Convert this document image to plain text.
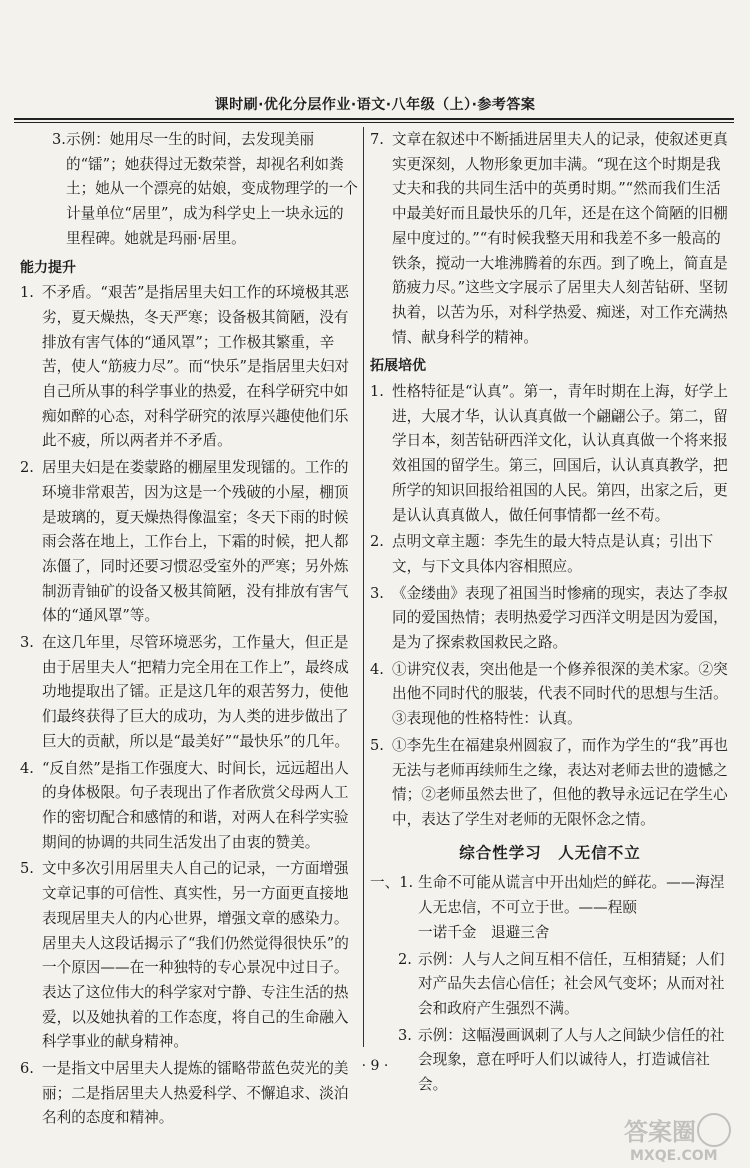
课时刷·优化分层作业·语文·八年级（上）·参考答案
3. 示例：她用尽一生的时间，去发现美丽的“镭”；她获得过无数荣誉，却视名利如粪土；她从一个漂亮的姑娘，变成物理学的一个计量单位“居里”，成为科学史上一块永远的里程碑。她就是玛丽·居里。
能力提升
1. 不矛盾。“艰苦”是指居里夫妇工作的环境极其恶劣，夏天燥热，冬天严寒；设备极其简陋，没有排放有害气体的“通风罩”；工作极其繁重，辛苦，使人“筋疲力尽”。而“快乐”是指居里夫妇对自己所从事的科学事业的热爱，在科学研究中如痴如醉的心态，对科学研究的浓厚兴趣使他们乐此不疲，所以两者并不矛盾。
2. 居里夫妇是在娄蒙路的棚屋里发现镭的。工作的环境非常艰苦，因为这是一个残破的小屋，棚顶是玻璃的，夏天燥热得像温室；冬天下雨的时候雨会落在地上，工作台上，下霜的时候，把人都冻僵了，同时还要习惯忍受室外的严寒；另外炼制沥青铀矿的设备又极其简陋，没有排放有害气体的“通风罩”等。
3. 在这几年里，尽管环境恶劣，工作量大，但正是由于居里夫人“把精力完全用在工作上”，最终成功地提取出了镭。正是这几年的艰苦努力，使他们最终获得了巨大的成功，为人类的进步做出了巨大的贡献，所以是“最美好”“最快乐”的几年。
4. “反自然”是指工作强度大、时间长，远远超出人的身体极限。句子表现出了作者欣赏父母两人工作的密切配合和感情的和谐，对两人在科学实验期间的协调的共同生活发出了由衷的赞美。
5. 文中多次引用居里夫人自己的记录，一方面增强文章记事的可信性、真实性，另一方面更直接地表现居里夫人的内心世界，增强文章的感染力。居里夫人这段话揭示了“我们仍然觉得很快乐”的一个原因——在一种独特的专心景况中过日子。表达了这位伟大的科学家对宁静、专注生活的热爱，以及她执着的工作态度，将自己的生命融入科学事业的献身精神。
6. 一是指文中居里夫人提炼的镭略带蓝色荧光的美丽；二是指居里夫人热爱科学、不懈追求、淡泊名利的态度和精神。
7. 文章在叙述中不断插进居里夫人的记录，使叙述更真实更深刻，人物形象更加丰满。“现在这个时期是我丈夫和我的共同生活中的英勇时期。”“然而我们生活中最美好而且最快乐的几年，还是在这个简陋的旧棚屋中度过的。”“有时候我整天用和我差不多一般高的铁条，搅动一大堆沸腾着的东西。到了晚上，简直是筋疲力尽。”这些文字展示了居里夫人刻苦钻研、坚韧执着，以苦为乐，对科学热爱、痴迷，对工作充满热情、献身科学的精神。
拓展培优
1. 性格特征是“认真”。第一，青年时期在上海，好学上进，大展才华，认认真真做一个翩翩公子。第二，留学日本，刻苦钻研西洋文化，认认真真做一个将来报效祖国的留学生。第三，回国后，认认真真教学，把所学的知识回报给祖国的人民。第四，出家之后，更是认认真真做人，做任何事情都一丝不苟。
2. 点明文章主题：李先生的最大特点是认真；引出下文，与下文具体内容相照应。
3. 《金缕曲》表现了祖国当时惨痛的现实，表达了李叔同的爱国热情；表明热爱学习西洋文明是因为爱国，是为了探索救国救民之路。
4. ①讲究仪表，突出他是一个修养很深的美术家。②突出他不同时代的服装，代表不同时代的思想与生活。③表现他的性格特性：认真。
5. ①李先生在福建泉州圆寂了，而作为学生的“我”再也无法与老师再续师生之缘，表达对老师去世的遗憾之情；②老师虽然去世了，但他的教导永远记在学生心中，表达了学生对老师的无限怀念之情。
综合性学习　人无信不立
一、1. 生命不可能从谎言中开出灿烂的鲜花。——海涅　人无忠信，不可立于世。——程颐
一诺千金　退避三舍
2. 示例：人与人之间互相不信任，互相猜疑；人们对产品失去信心信任；社会风气变坏；从而对社会和政府产生强烈不满。
3. 示例：这幅漫画讽刺了人与人之间缺少信任的社会现象，意在呼吁人们以诚待人，打造诚信社会。
· 9 ·
答案圈
MXQE.COM
